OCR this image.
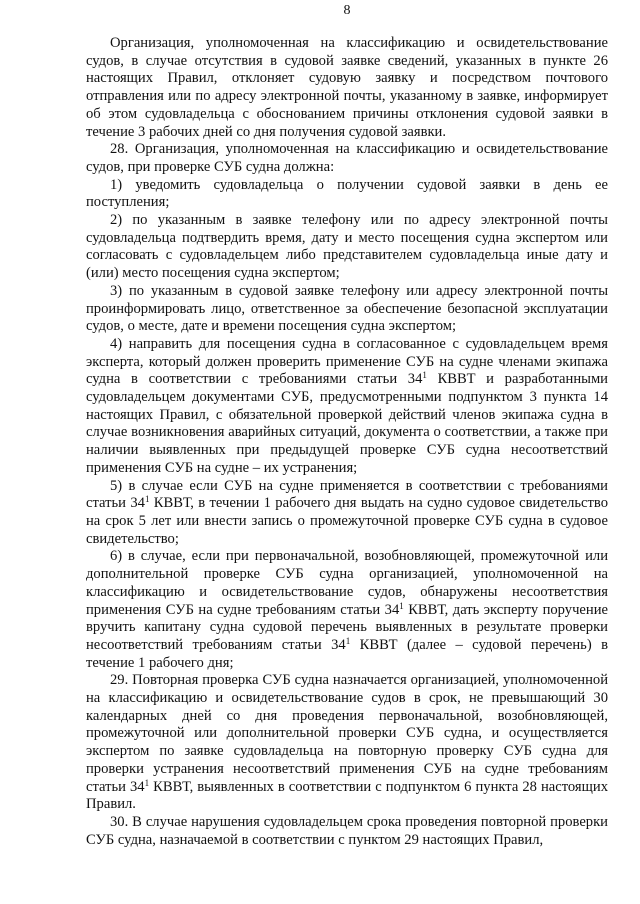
8

Организация, уполномоченная на классификацию и освидетельствование судов, в случае отсутствия в судовой заявке сведений, указанных в пункте 26 настоящих Правил, отклоняет судовую заявку и посредством почтового отправления или по адресу электронной почты, указанному в заявке, информирует об этом судовладельца с обоснованием причины отклонения судовой заявки в течение 3 рабочих дней со дня получения судовой заявки.

28. Организация, уполномоченная на классификацию и освидетельствование судов, при проверке СУБ судна должна:

1) уведомить судовладельца о получении судовой заявки в день ее поступления;

2) по указанным в заявке телефону или по адресу электронной почты судовладельца подтвердить время, дату и место посещения судна экспертом или согласовать с судовладельцем либо представителем судовладельца иные дату и (или) место посещения судна экспертом;

3) по указанным в судовой заявке телефону или адресу электронной почты проинформировать лицо, ответственное за обеспечение безопасной эксплуатации судов, о месте, дате и времени посещения судна экспертом;

4) направить для посещения судна в согласованное с судовладельцем время эксперта, который должен проверить применение СУБ на судне членами экипажа судна в соответствии с требованиями статьи $34^1$ КВВТ и разработанными судовладельцем документами СУБ, предусмотренными подпунктом 3 пункта 14 настоящих Правил, с обязательной проверкой действий членов экипажа судна в случае возникновения аварийных ситуаций, документа о соответствии, а также при наличии выявленных при предыдущей проверке СУБ судна несоответствий применения СУБ на судне – их устранения;

5) в случае если СУБ на судне применяется в соответствии с требованиями статьи $34^1$ КВВТ, в течении 1 рабочего дня выдать на судно судовое свидетельство на срок 5 лет или внести запись о промежуточной проверке СУБ судна в судовое свидетельство;

6) в случае, если при первоначальной, возобновляющей, промежуточной или дополнительной проверке СУБ судна организацией, уполномоченной на классификацию и освидетельствование судов, обнаружены несоответствия применения СУБ на судне требованиям статьи $34^1$ КВВТ, дать эксперту поручение вручить капитану судна судовой перечень выявленных в результате проверки несоответствий требованиям статьи $34^1$ КВВТ (далее – судовой перечень) в течение 1 рабочего дня;

29. Повторная проверка СУБ судна назначается организацией, уполномоченной на классификацию и освидетельствование судов в срок, не превышающий 30 календарных дней со дня проведения первоначальной, возобновляющей, промежуточной или дополнительной проверки СУБ судна, и осуществляется экспертом по заявке судовладельца на повторную проверку СУБ судна для проверки устранения несоответствий применения СУБ на судне требованиям статьи $34^1$ КВВТ, выявленных в соответствии с подпунктом 6 пункта 28 настоящих Правил.

30. В случае нарушения судовладельцем срока проведения повторной проверки СУБ судна, назначаемой в соответствии с пунктом 29 настоящих Правил,
